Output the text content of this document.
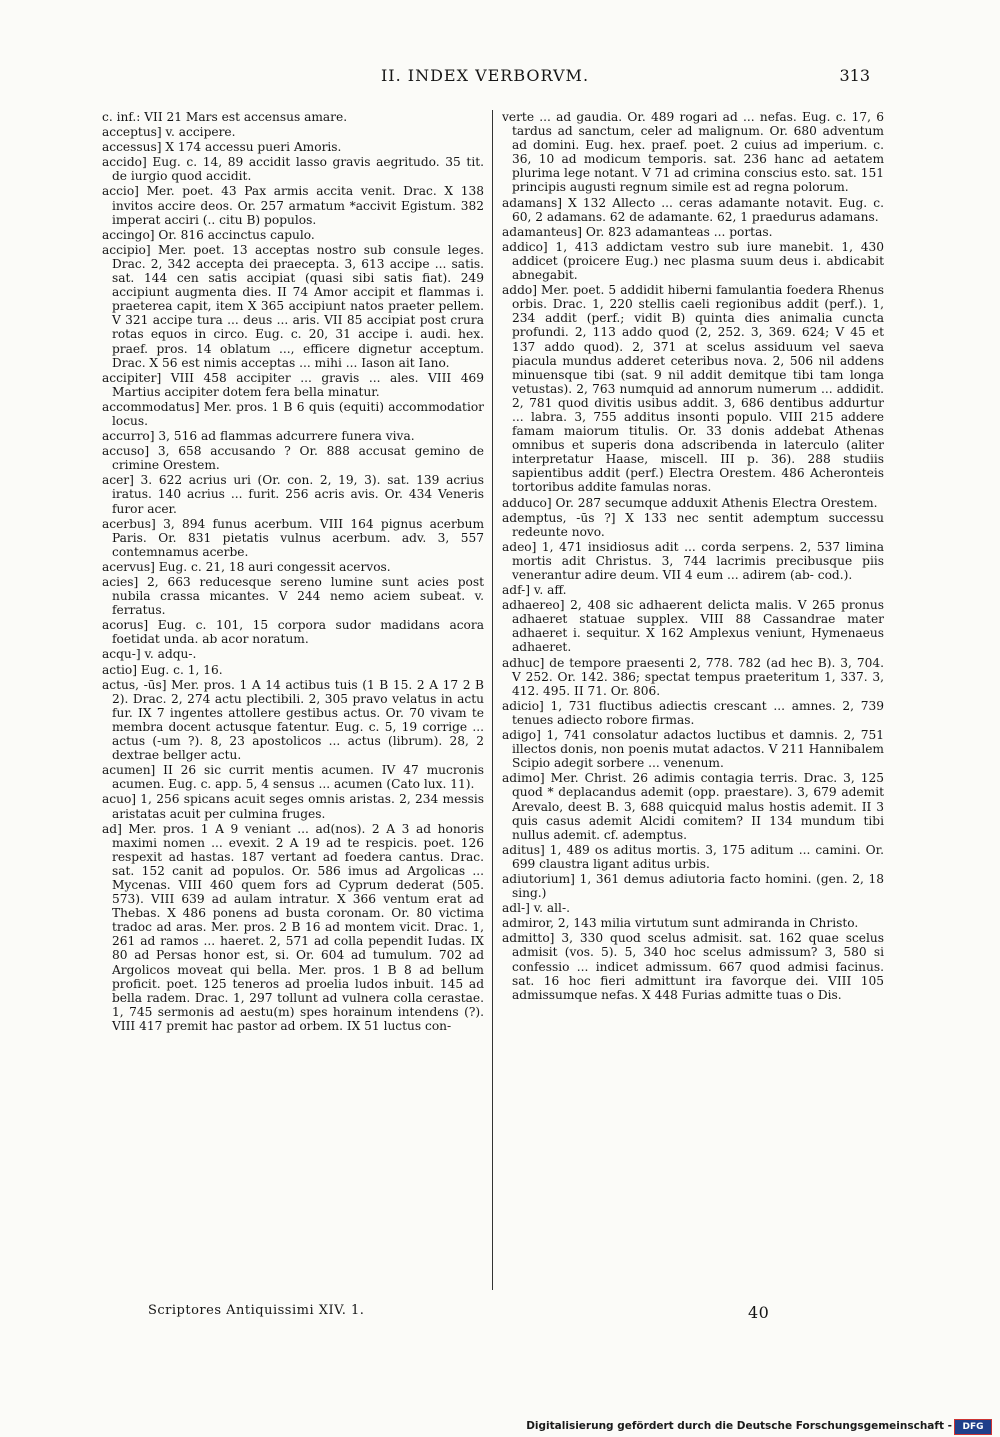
II. INDEX VERBORVM.	313

c. inf.: VII 21 Mars est accensus amare.

acceptus] v. accipere.

accessus] X 174 accessu pueri Amoris.

accido] Eug. c. 14, 89 accidit lasso gravis aegritudo. 35 tit. de iurgio quod accidit.

accio] Mer. poet. 43 Pax armis accita venit. Drac. X 138 invitos accire deos. Or. 257 armatum *accivit Egistum. 382 imperat acciri (.. citu B) populos.

accingo] Or. 816 accinctus capulo.

accipio] Mer. poet. 13 acceptas nostro sub consule leges. Drac. 2, 342 accepta dei praecepta. 3, 613 accipe ... satis. sat. 144 cen satis accipiat (quasi sibi satis fiat). 249 accipiunt augmenta dies. II 74 Amor accipit et flammas i. praeterea capit, item X 365 accipiunt natos praeter pellem. V 321 accipe tura ... deus ... aris. VII 85 accipiat post crura rotas equos in circo. Eug. c. 20, 31 accipe i. audi. hex. praef. pros. 14 oblatum ..., efficere dignetur acceptum. Drac. X 56 est nimis acceptas ... mihi ... Iason ait Iano.

accipiter] VIII 458 accipiter ... gravis ... ales. VIII 469 Martius accipiter dotem fera bella minatur.

accommodatus] Mer. pros. 1 B 6 quis (equiti) accommodatior locus.

accurro] 3, 516 ad flammas adcurrere funera viva.

accuso] 3, 658 accusando ? Or. 888 accusat gemino de crimine Orestem.

acer] 3. 622 acrius uri (Or. con. 2, 19, 3). sat. 139 acrius iratus. 140 acrius ... furit. 256 acris avis. Or. 434 Veneris furor acer.

acerbus] 3, 894 funus acerbum. VIII 164 pignus acerbum Paris. Or. 831 pietatis vulnus acerbum. adv. 3, 557 contemnamus acerbe.

acervus] Eug. c. 21, 18 auri congessit acervos.

acies] 2, 663 reducesque sereno lumine sunt acies post nubila crassa micantes. V 244 nemo aciem subeat. v. ferratus.

acorus] Eug. c. 101, 15 corpora sudor madidans acora foetidat unda. ab acor noratum.

acqu-] v. adqu-.

actio] Eug. c. 1, 16.

actus, -ūs] Mer. pros. 1 A 14 actibus tuis (1 B 15. 2 A 17 2 B 2). Drac. 2, 274 actu plectibili. 2, 305 pravo velatus in actu fur. IX 7 ingentes attollere gestibus actus. Or. 70 vivam te membra docent actusque fatentur. Eug. c. 5, 19 corrige ... actus (-um ?). 8, 23 apostolicos ... actus (librum). 28, 2 dextrae bellger actu.

acumen] II 26 sic currit mentis acumen. IV 47 mucronis acumen. Eug. c. app. 5, 4 sensus ... acumen (Cato lux. 11).

acuo] 1, 256 spicans acuit seges omnis aristas. 2, 234 messis aristatas acuit per culmina fruges.

ad] Mer. pros. 1 A 9 veniant ... ad(nos). 2 A 3 ad honoris maximi nomen ... evexit. 2 A 19 ad te respicis. poet. 126 respexit ad hastas. 187 vertant ad foedera cantus. Drac. sat. 152 canit ad populos. Or. 586 imus ad Argolicas ... Mycenas. VIII 460 quem fors ad Cyprum dederat (505. 573). VIII 639 ad aulam intratur. X 366 ventum erat ad Thebas. X 486 ponens ad busta coronam. Or. 80 victima tradoc ad aras. Mer. pros. 2 B 16 ad montem vicit. Drac. 1, 261 ad ramos ... haeret. 2, 571 ad colla pependit Iudas. IX 80 ad Persas honor est, si. Or. 604 ad tumulum. 702 ad Argolicos moveat qui bella. Mer. pros. 1 B 8 ad bellum proficit. poet. 125 teneros ad proelia ludos inbuit. 145 ad bella radem. Drac. 1, 297 tollunt ad vulnera colla cerastae. 1, 745 sermonis ad aestu(m) spes horainum intendens (?). VIII 417 premit hac pastor ad orbem. IX 51 luctus con-

verte ... ad gaudia. Or. 489 rogari ad ... nefas. Eug. c. 17, 6 tardus ad sanctum, celer ad malignum. Or. 680 adventum ad domini. Eug. hex. praef. poet. 2 cuius ad imperium. c. 36, 10 ad modicum temporis. sat. 236 hanc ad aetatem plurima lege notant. V 71 ad crimina conscius esto. sat. 151 principis augusti regnum simile est ad regna polorum.

adamans] X 132 Allecto ... ceras adamante notavit. Eug. c. 60, 2 adamans. 62 de adamante. 62, 1 praedurus adamans.

adamanteus] Or. 823 adamanteas ... portas.

addico] 1, 413 addictam vestro sub iure manebit. 1, 430 addicet (proicere Eug.) nec plasma suum deus i. abdicabit abnegabit.

addo] Mer. poet. 5 addidit hiberni famulantia foedera Rhenus orbis. Drac. 1, 220 stellis caeli regionibus addit (perf.). 1, 234 addit (perf.; vidit B) quinta dies animalia cuncta profundi. 2, 113 addo quod (2, 252. 3, 369. 624; V 45 et 137 addo quod). 2, 371 at scelus assiduum vel saeva piacula mundus adderet ceteribus nova. 2, 506 nil addens minuensque tibi (sat. 9 nil addit demitque tibi tam longa vetustas). 2, 763 numquid ad annorum numerum ... addidit. 2, 781 quod divitis usibus addit. 3, 686 dentibus addurtur ... labra. 3, 755 additus insonti populo. VIII 215 addere famam maiorum titulis. Or. 33 donis addebat Athenas omnibus et superis dona adscribenda in laterculo (aliter interpretatur Haase, miscell. III p. 36). 288 studiis sapientibus addit (perf.) Electra Orestem. 486 Acheronteis tortoribus addite famulas noras.

adduco] Or. 287 secumque adduxit Athenis Electra Orestem.

ademptus, -ūs ?] X 133 nec sentit ademptum successu redeunte novo.

adeo] 1, 471 insidiosus adit ... corda serpens. 2, 537 limina mortis adit Christus. 3, 744 lacrimis precibusque piis venerantur adire deum. VII 4 eum ... adirem (ab- cod.).

adf-] v. aff.

adhaereo] 2, 408 sic adhaerent delicta malis. V 265 pronus adhaeret statuae supplex. VIII 88 Cassandrae mater adhaeret i. sequitur. X 162 Amplexus veniunt, Hymenaeus adhaeret.

adhuc] de tempore praesenti 2, 778. 782 (ad hec B). 3, 704. V 252. Or. 142. 386; spectat tempus praeteritum 1, 337. 3, 412. 495. II 71. Or. 806.

adicio] 1, 731 fluctibus adiectis crescant ... amnes. 2, 739 tenues adiecto robore firmas.

adigo] 1, 741 consolatur adactos luctibus et damnis. 2, 751 illectos donis, non poenis mutat adactos. V 211 Hannibalem Scipio adegit sorbere ... venenum.

adimo] Mer. Christ. 26 adimis contagia terris. Drac. 3, 125 quod * deplacandus ademit (opp. praestare). 3, 679 ademit Arevalo, deest B. 3, 688 quicquid malus hostis ademit. II 3 quis casus ademit Alcidi comitem? II 134 mundum tibi nullus ademit. cf. ademptus.

aditus] 1, 489 os aditus mortis. 3, 175 aditum ... camini. Or. 699 claustra ligant aditus urbis.

adiutorium] 1, 361 demus adiutoria facto homini. (gen. 2, 18 sing.)

adl-] v. all-.

admiror, 2, 143 milia virtutum sunt admiranda in Christo.

admitto] 3, 330 quod scelus admisit. sat. 162 quae scelus admisit (vos. 5). 5, 340 hoc scelus admissum? 3, 580 si confessio ... indicet admissum. 667 quod admisi facinus. sat. 16 hoc fieri admittunt ira favorque dei. VIII 105 admissumque nefas. X 448 Furias admitte tuas o Dis.

Scriptores Antiquissimi XIV. 1.	40
Digitalisierung gefördert durch die Deutsche Forschungsgemeinschaft -	DFG
